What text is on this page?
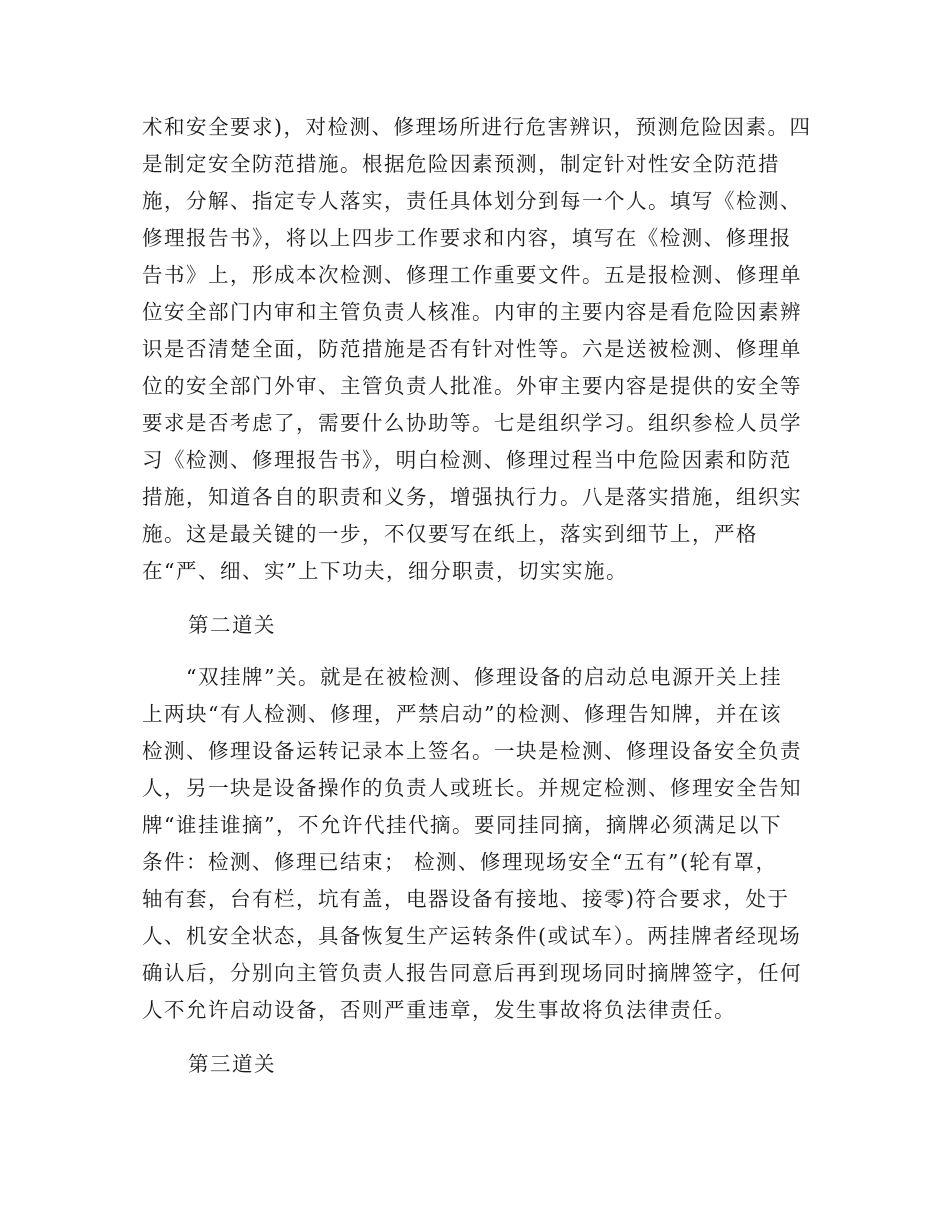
术和安全要求)，对检测、修理场所进行危害辨识，预测危险因素。四
是制定安全防范措施。根据危险因素预测，制定针对性安全防范措
施，分解、指定专人落实，责任具体划分到每一个人。填写《检测、
修理报告书》，将以上四步工作要求和内容，填写在《检测、修理报
告书》上，形成本次检测、修理工作重要文件。五是报检测、修理单
位安全部门内审和主管负责人核准。内审的主要内容是看危险因素辨
识是否清楚全面，防范措施是否有针对性等。六是送被检测、修理单
位的安全部门外审、主管负责人批准。外审主要内容是提供的安全等
要求是否考虑了，需要什么协助等。七是组织学习。组织参检人员学
习《检测、修理报告书》，明白检测、修理过程当中危险因素和防范
措施，知道各自的职责和义务，增强执行力。八是落实措施，组织实
施。这是最关键的一步，不仅要写在纸上，落实到细节上，严格
在“严、细、实”上下功夫，细分职责，切实实施。
第二道关
　　“双挂牌”关。就是在被检测、修理设备的启动总电源开关上挂
上两块“有人检测、修理，严禁启动”的检测、修理告知牌，并在该
检测、修理设备运转记录本上签名。一块是检测、修理设备安全负责
人，另一块是设备操作的负责人或班长。并规定检测、修理安全告知
牌“谁挂谁摘”，不允许代挂代摘。要同挂同摘，摘牌必须满足以下
条件：检测、修理已结束； 检测、修理现场安全“五有”(轮有罩，
轴有套，台有栏，坑有盖，电器设备有接地、接零)符合要求，处于
人、机安全状态，具备恢复生产运转条件(或试车）。两挂牌者经现场
确认后，分别向主管负责人报告同意后再到现场同时摘牌签字，任何
人不允许启动设备，否则严重违章，发生事故将负法律责任。
第三道关
